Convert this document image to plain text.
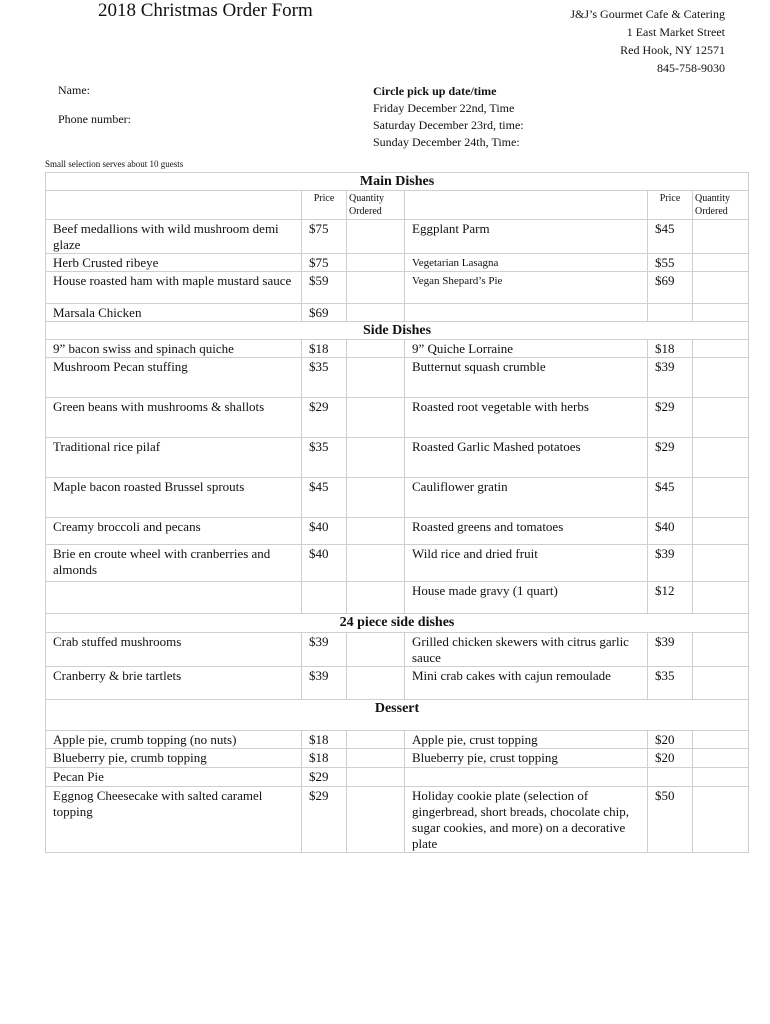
2018 Christmas Order Form	J&J’s Gourmet Cafe & Catering
1 East Market Street
Red Hook, NY 12571
845-758-9030
Name:
Phone number:
Circle pick up date/time
Friday December 22nd, Time
Saturday December 23rd, time:
Sunday December 24th, Time:
Small selection serves about 10 guests
Main Dishes					
	Price	Quantity Ordered		Price	Quantity Ordered
Beef medallions with wild mushroom demi glaze	$75		Eggplant Parm	$45	
Herb Crusted ribeye	$75		Vegetarian Lasagna	$55	
House roasted ham with maple mustard sauce	$59		Vegan Shepard’s Pie	$69	
Marsala Chicken	$69				
Side Dishes					
9” bacon swiss and spinach quiche	$18		9” Quiche Lorraine	$18	
Mushroom Pecan stuffing	$35		Butternut squash crumble	$39	
Green beans with mushrooms & shallots	$29		Roasted root vegetable with herbs	$29	
Traditional rice pilaf	$35		Roasted Garlic Mashed potatoes	$29	
Maple bacon roasted Brussel sprouts	$45		Cauliflower gratin	$45	
Creamy broccoli and pecans	$40		Roasted greens and tomatoes	$40	
Brie en croute wheel with cranberries and almonds	$40		Wild rice and dried fruit	$39	
			House made gravy (1 quart)	$12	
24 piece side dishes					
Crab stuffed mushrooms	$39		Grilled chicken skewers with citrus garlic sauce	$39	
Cranberry & brie tartlets	$39		Mini crab cakes with cajun remoulade	$35	
Dessert					
Apple pie, crumb topping (no nuts)	$18		Apple pie, crust topping	$20	
Blueberry pie, crumb topping	$18		Blueberry pie, crust topping	$20	
Pecan Pie	$29				
Eggnog Cheesecake with salted caramel topping	$29		Holiday cookie plate (selection of gingerbread, short breads, chocolate chip, sugar cookies, and more) on a decorative plate	$50	
